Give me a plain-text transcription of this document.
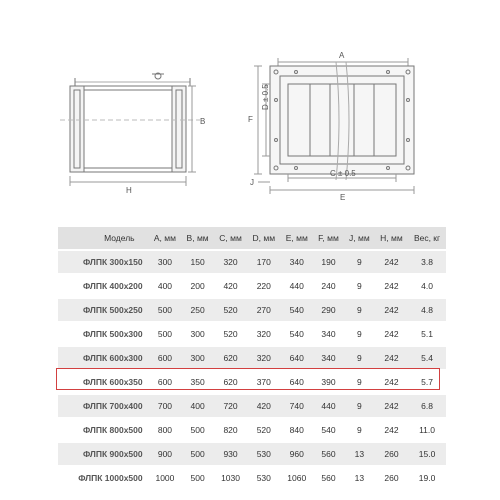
B
H
A
F
D ± 0.5
J
C ± 0.5
E
Модель	A, мм	B, мм	C, мм	D, мм	E, мм	F, мм	J, мм	H, мм	Вес, кг
ФЛПК 300x150	300	150	320	170	340	190	9	242	3.8
ФЛПК 400x200	400	200	420	220	440	240	9	242	4.0
ФЛПК 500x250	500	250	520	270	540	290	9	242	4.8
ФЛПК 500x300	500	300	520	320	540	340	9	242	5.1
ФЛПК 600x300	600	300	620	320	640	340	9	242	5.4
ФЛПК 600x350	600	350	620	370	640	390	9	242	5.7
ФЛПК 700x400	700	400	720	420	740	440	9	242	6.8
ФЛПК 800x500	800	500	820	520	840	540	9	242	11.0
ФЛПК 900x500	900	500	930	530	960	560	13	260	15.0
ФЛПК 1000x500	1000	500	1030	530	1060	560	13	260	19.0
